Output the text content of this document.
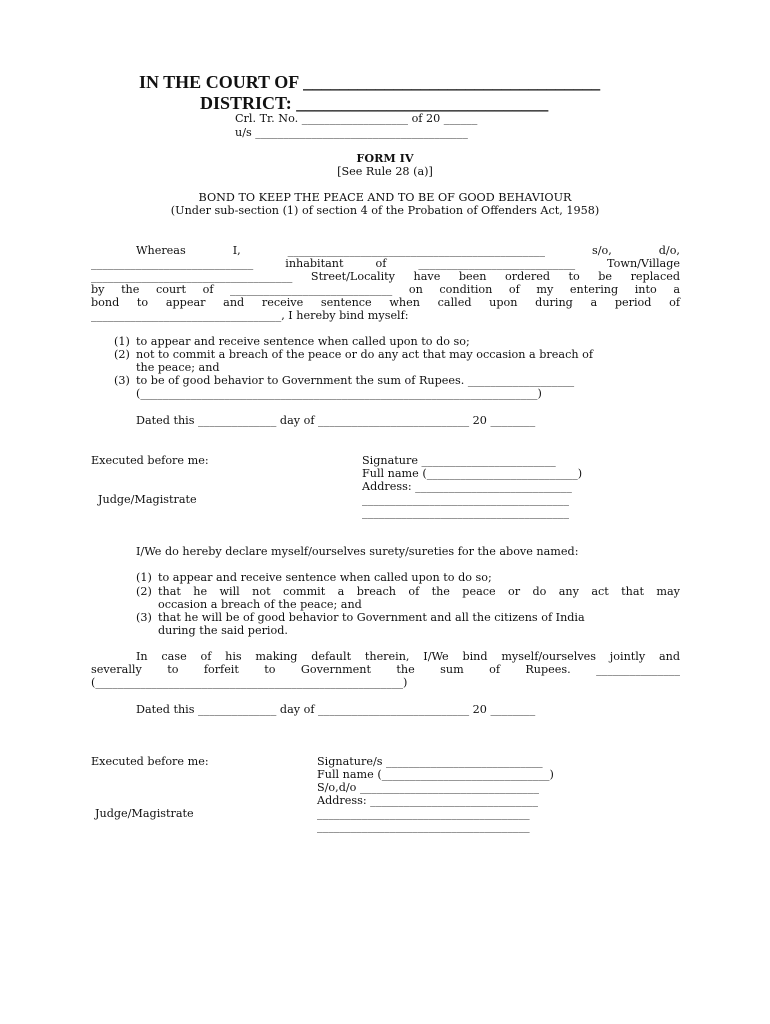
IN THE COURT OF _________________________________
DISTRICT: ____________________________
Crl. Tr. No. ___________________ of 20 ______
u/s ______________________________________
FORM IV
[See Rule 28 (a)]
BOND TO KEEP THE PEACE AND TO BE OF GOOD BEHAVIOUR
(Under sub-section (1) of section 4 of the Probation of Offenders Act, 1958)
Whereas I, ______________________________________________ s/o, d/o,
_____________________________ inhabitant of ____________________________ Town/Village
____________________________________ Street/Locality have been ordered to be replaced
by the court of _____________________________ on condition of my entering into a
bond to appear and receive sentence when called upon during a period of
__________________________________, I hereby bind myself:
(1) to appear and receive sentence when called upon to do so;
(2) not to commit a breach of the peace or do any act that may occasion a breach of
the peace; and
(3) to be of good behavior to Government the sum of Rupees. ___________________
(_______________________________________________________________________)
Dated this ______________ day of ___________________________ 20 ________
Executed before me:
Judge/Magistrate
Signature ________________________
Full name (___________________________)
Address: ____________________________
_____________________________________
_____________________________________
I/We do hereby declare myself/ourselves surety/sureties for the above named:
(1) to appear and receive sentence when called upon to do so;
(2) that he will not commit a breach of the peace or do any act that may
occasion a breach of the peace; and
(3) that he will be of good behavior to Government and all the citizens of India
during the said period.
In case of his making default therein, I/We bind myself/ourselves jointly and
severally to forfeit to Government the sum of Rupees. _______________
(_______________________________________________________)
Dated this ______________ day of ___________________________ 20 ________
Executed before me:
Judge/Magistrate
Signature/s ____________________________
Full name (______________________________)
S/o,d/o ________________________________
Address: ______________________________
______________________________________
______________________________________
